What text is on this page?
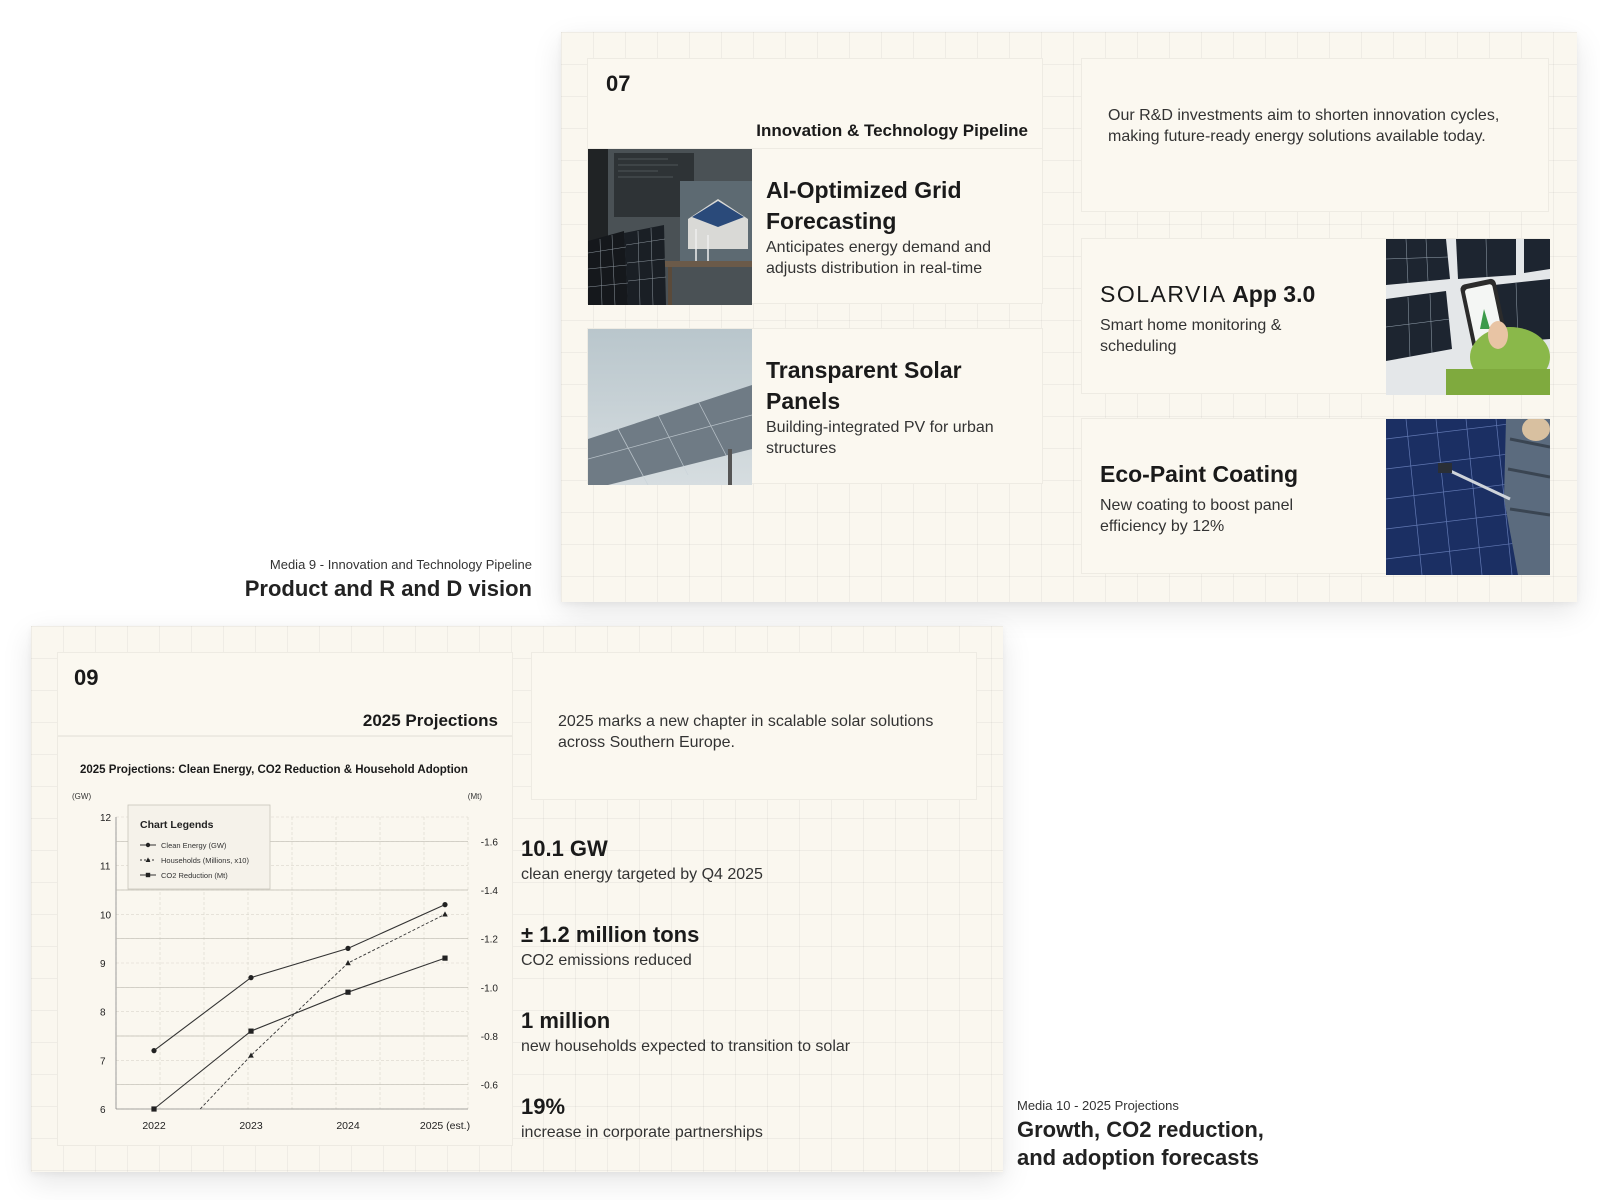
Media 9 - Innovation and Technology Pipeline
Product and R and D vision
07
Innovation & Technology Pipeline
Our R&D investments aim to shorten innovation cycles, making future-ready energy solutions available today.
AI-Optimized Grid Forecasting
Anticipates energy demand and adjusts distribution in real-time
Transparent Solar Panels
Building-integrated PV for urban structures
SOLARVIA App 3.0
Smart home monitoring & scheduling
Eco-Paint Coating
New coating to boost panel efficiency by 12%
09
2025 Projections	2025 marks a new chapter in scalable solar solutions across Southern Europe.
2025 Projections: Clean Energy, CO2 Reduction & Household Adoption
(GW)	(Mt)
6
7
8
9
10
11
12
-0.6
-0.8
-1.0
-1.2
-1.4
-1.6
2022	2023	2024	2025 (est.)
Chart Legends
Clean Energy (GW)
Households (Millions, x10)
CO2 Reduction (Mt)
10.1 GW
clean energy targeted by Q4 2025
± 1.2 million tons
CO2 emissions reduced
1 million
new households expected to transition to solar
19%
increase in corporate partnerships
Media 10 - 2025 Projections
Growth, CO2 reduction,
and adoption forecasts
